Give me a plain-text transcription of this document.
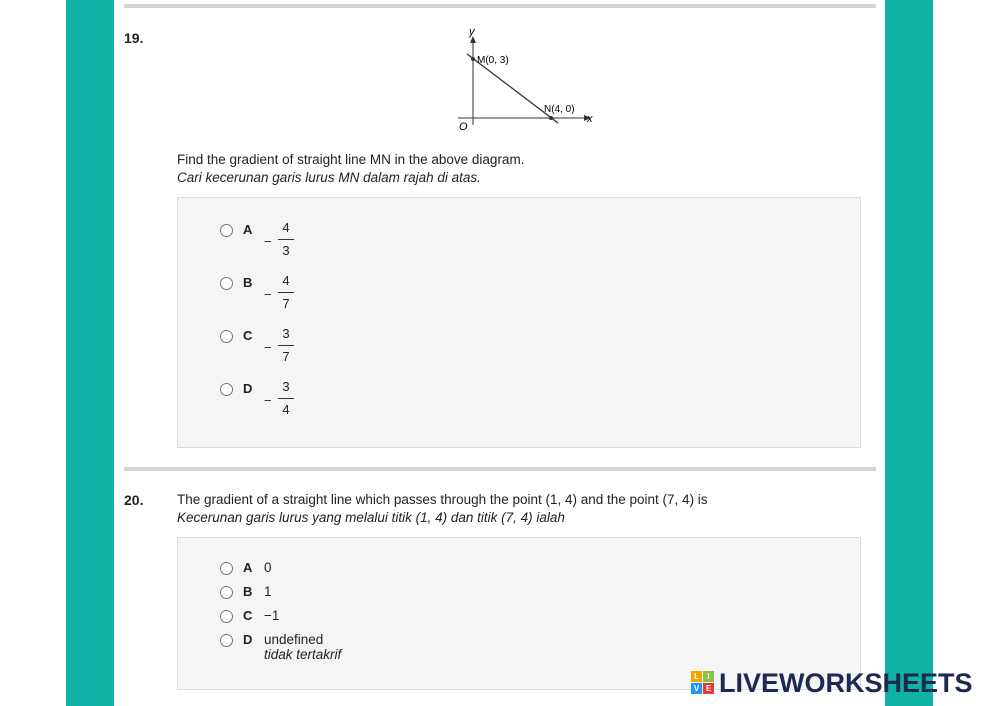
19.	y
x
O
M(0, 3)
N(4, 0)
Find the gradient of straight line MN in the above diagram.
Cari kecerunan garis lurus MN dalam rajah di atas.
A
−
4
3
B
−
4
7
C
−
3
7
D
−
3
4
20. The gradient of a straight line which passes through the point (1, 4) and the point (7, 4) is
Kecerunan garis lurus yang melalui titik (1, 4) dan titik (7, 4) ialah
A 0
B 1
C −1
D undefined
tidak tertakrif
L	I
V E LIVEWORKSHEETS
